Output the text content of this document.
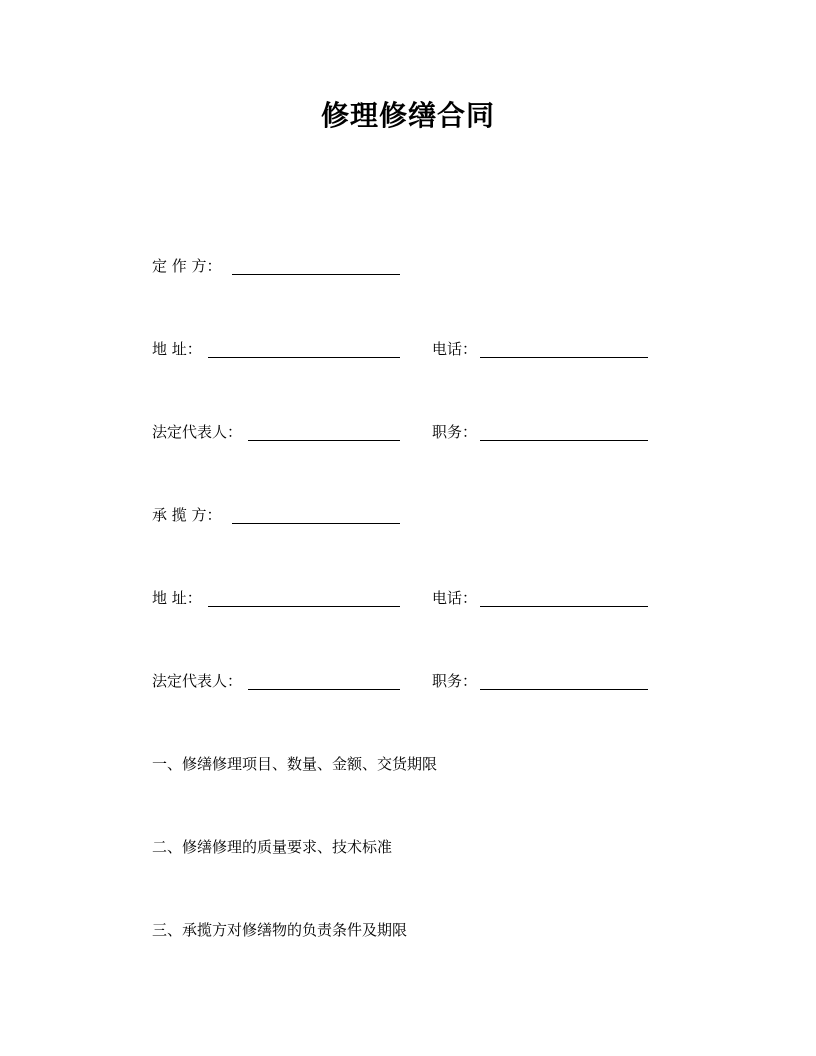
修理修缮合同
定 作 方：
地 址：	电话：
法定代表人：	职务：
承 揽 方：
地 址：	电话：
法定代表人：	职务：
一、修缮修理项目、数量、金额、交货期限
二、修缮修理的质量要求、技术标准
三、承揽方对修缮物的负责条件及期限
